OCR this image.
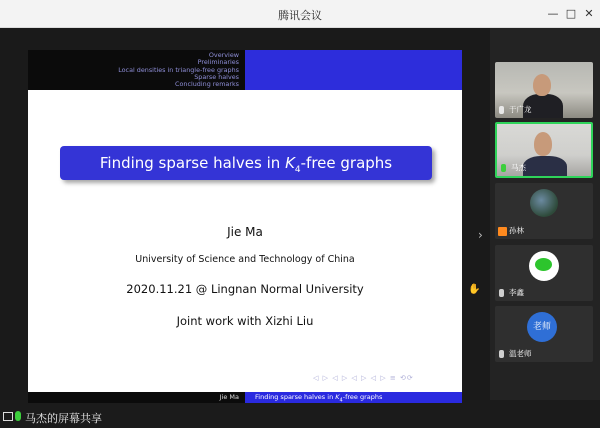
腾讯会议	— □ ✕
Overview
Preliminaries
Local densities in triangle-free graphs
Sparse halves
Concluding remarks
Finding sparse halves in $K_4$-free graphs
Jie Ma
University of Science and Technology of China
2020.11.21 @ Lingnan Normal University
Joint work with Xizhi Liu
◁ ▷ ◁ ▷ ◁ ▷ ◁ ▷ ≡ ⟲⟳
Jie Ma	Finding sparse halves in $K_4$-free graphs
›
✋
马杰的屏幕共享
于广龙
马杰
孙林
李鑫
老师
温老师
